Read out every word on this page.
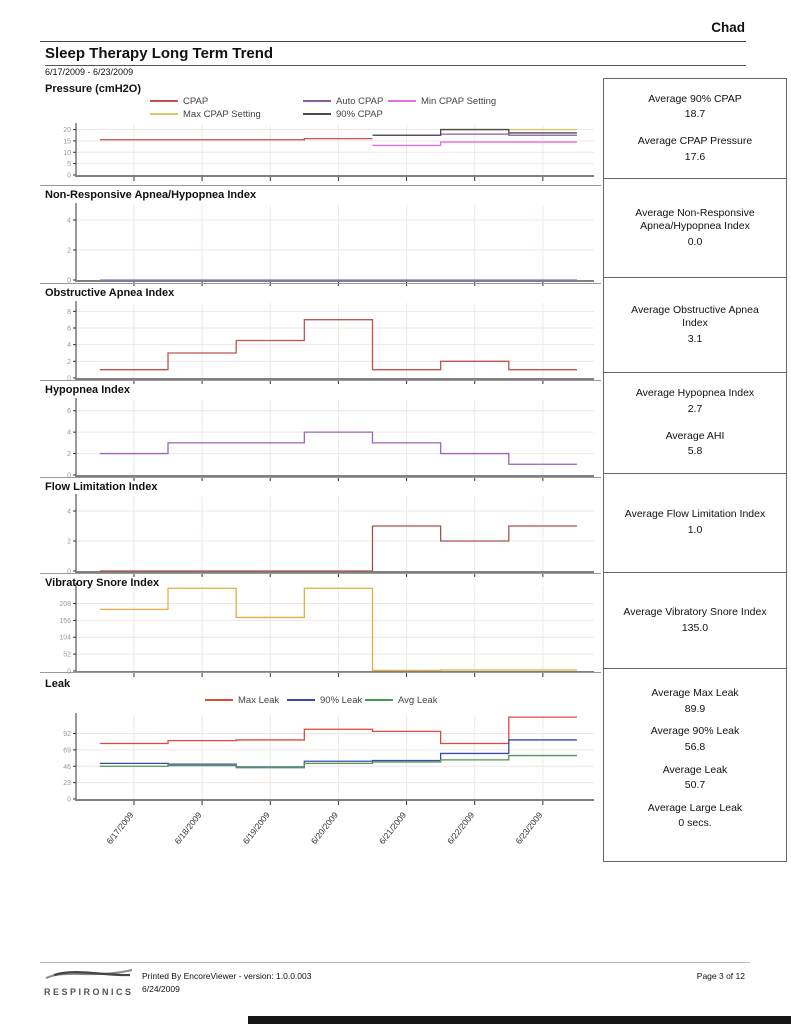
Chad
Sleep Therapy Long Term Trend
6/17/2009 - 6/23/2009
Pressure (cmH2O)
Non-Responsive Apnea/Hypopnea Index
Obstructive Apnea Index
Hypopnea Index
Flow Limitation Index
Vibratory Snore Index
Leak
CPAP	Auto CPAP	Min CPAP Setting
Max CPAP Setting	90% CPAP
Max Leak	90% Leak	Avg Leak
0
5
10
15
20
0
2
4
0
2
4
6
8
0
2
4
6
0
2
4
0
52
104
156
208
0
23
46
69
92
6/17/2009	6/18/2009	6/19/2009	6/20/2009	6/21/2009	6/22/2009	6/23/2009
Average 90% CPAP
18.7
Average CPAP Pressure
17.6
Average Non-Responsive Apnea/Hypopnea Index
0.0
Average Obstructive Apnea Index
3.1
Average Hypopnea Index
2.7
Average AHI
5.8
Average Flow Limitation Index
1.0
Average Vibratory Snore Index
135.0
Average Max Leak
89.9
Average 90% Leak
56.8
Average Leak
50.7
Average Large Leak
0 secs.
RESPIRONICS
Printed By EncoreViewer - version: 1.0.0.003
6/24/2009
Page 3 of 12
